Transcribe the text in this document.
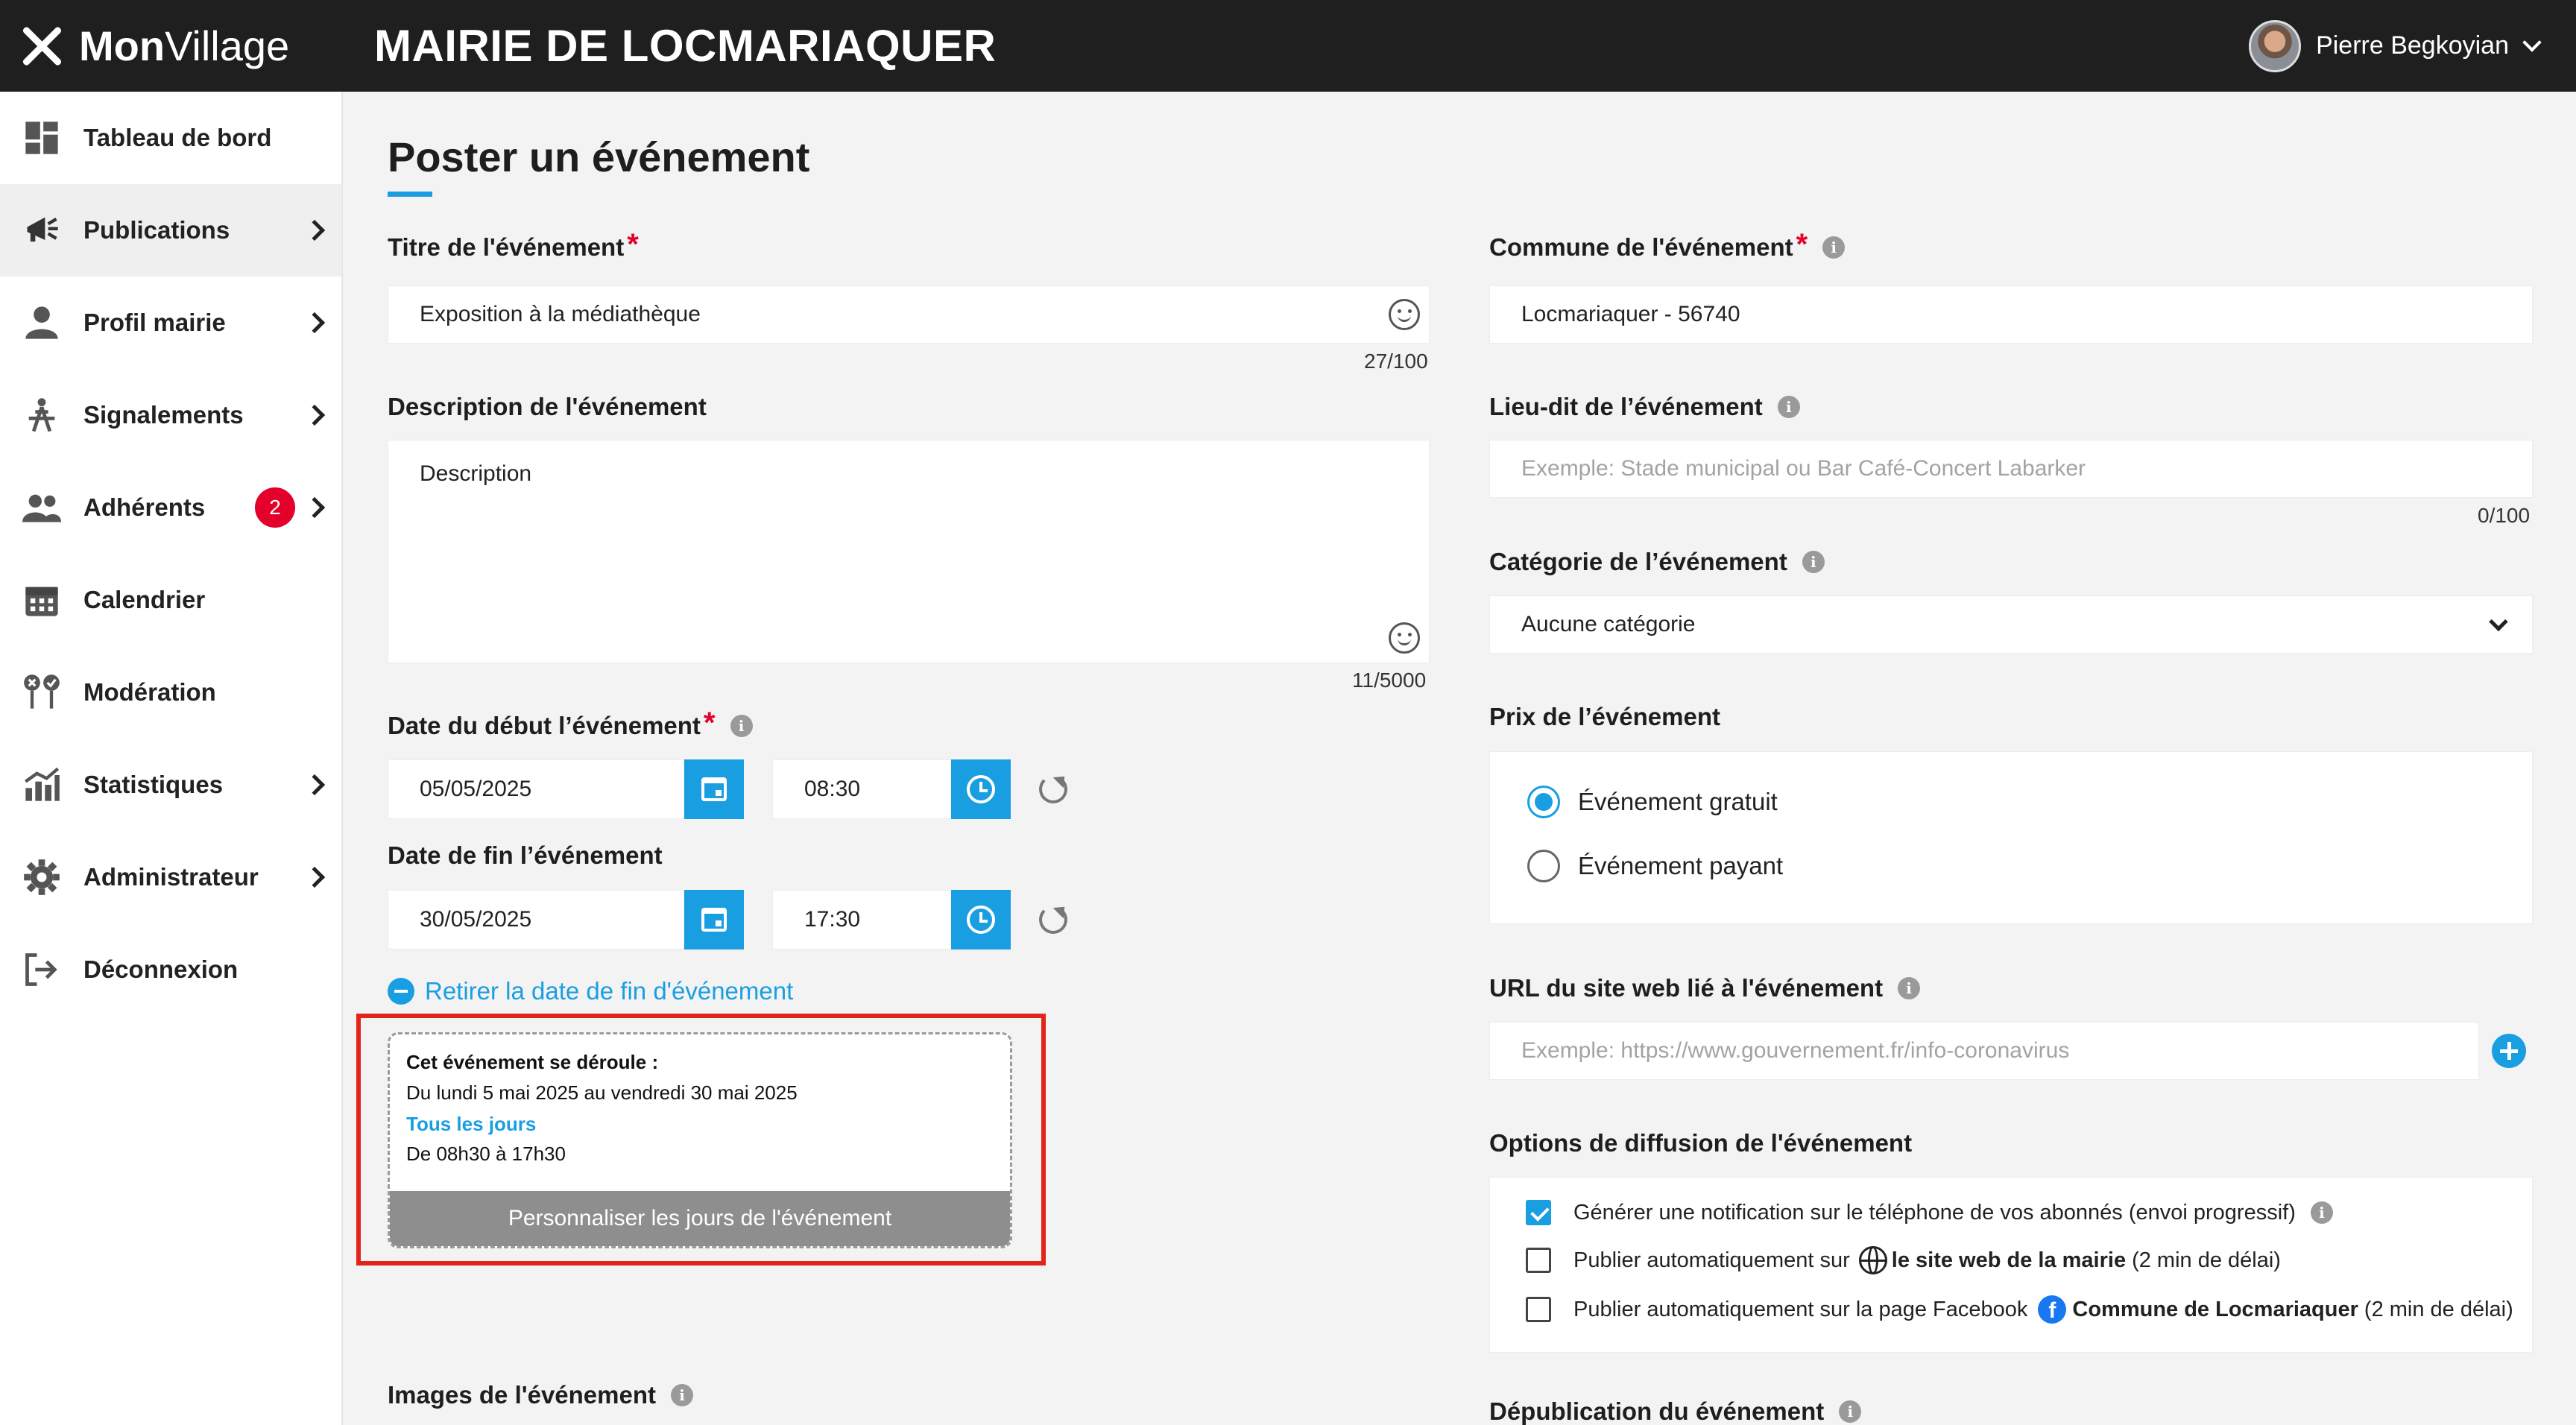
MonVillage MAIRIE DE LOCMARIAQUER	Pierre Begkoyian
Tableau de bord
Publications
Profil mairie
Signalements
Adhérents	2
Calendrier
Modération
Statistiques
Administrateur
Déconnexion
Poster un événement
Titre de l'événement *
Exposition à la médiathèque
27/100
Description de l'événement
Description
11/5000
Date du début l’événement *	i
05/05/2025	08:30
Date de fin l’événement
30/05/2025	17:30
Retirer la date de fin d'événement
Cet événement se déroule :
Du lundi 5 mai 2025 au vendredi 30 mai 2025
Tous les jours
De 08h30 à 17h30
Personnaliser les jours de l'événement
Images de l'événement	i
Commune de l'événement *	i
Locmariaquer - 56740
Lieu-dit de l’événement	i
Exemple: Stade municipal ou Bar Café-Concert Labarker
0/100
Catégorie de l’événement	i
Aucune catégorie
Prix de l’événement
Événement gratuit
Événement payant
URL du site web lié à l'événement	i
Exemple: https://www.gouvernement.fr/info-coronavirus
Options de diffusion de l'événement
Générer une notification sur le téléphone de vos abonnés (envoi progressif)	i
Publier automatiquement sur le site web de la mairie (2 min de délai)
Publier automatiquement sur la page Facebook f Commune de Locmariaquer (2 min de délai)
Dépublication du événement	i
